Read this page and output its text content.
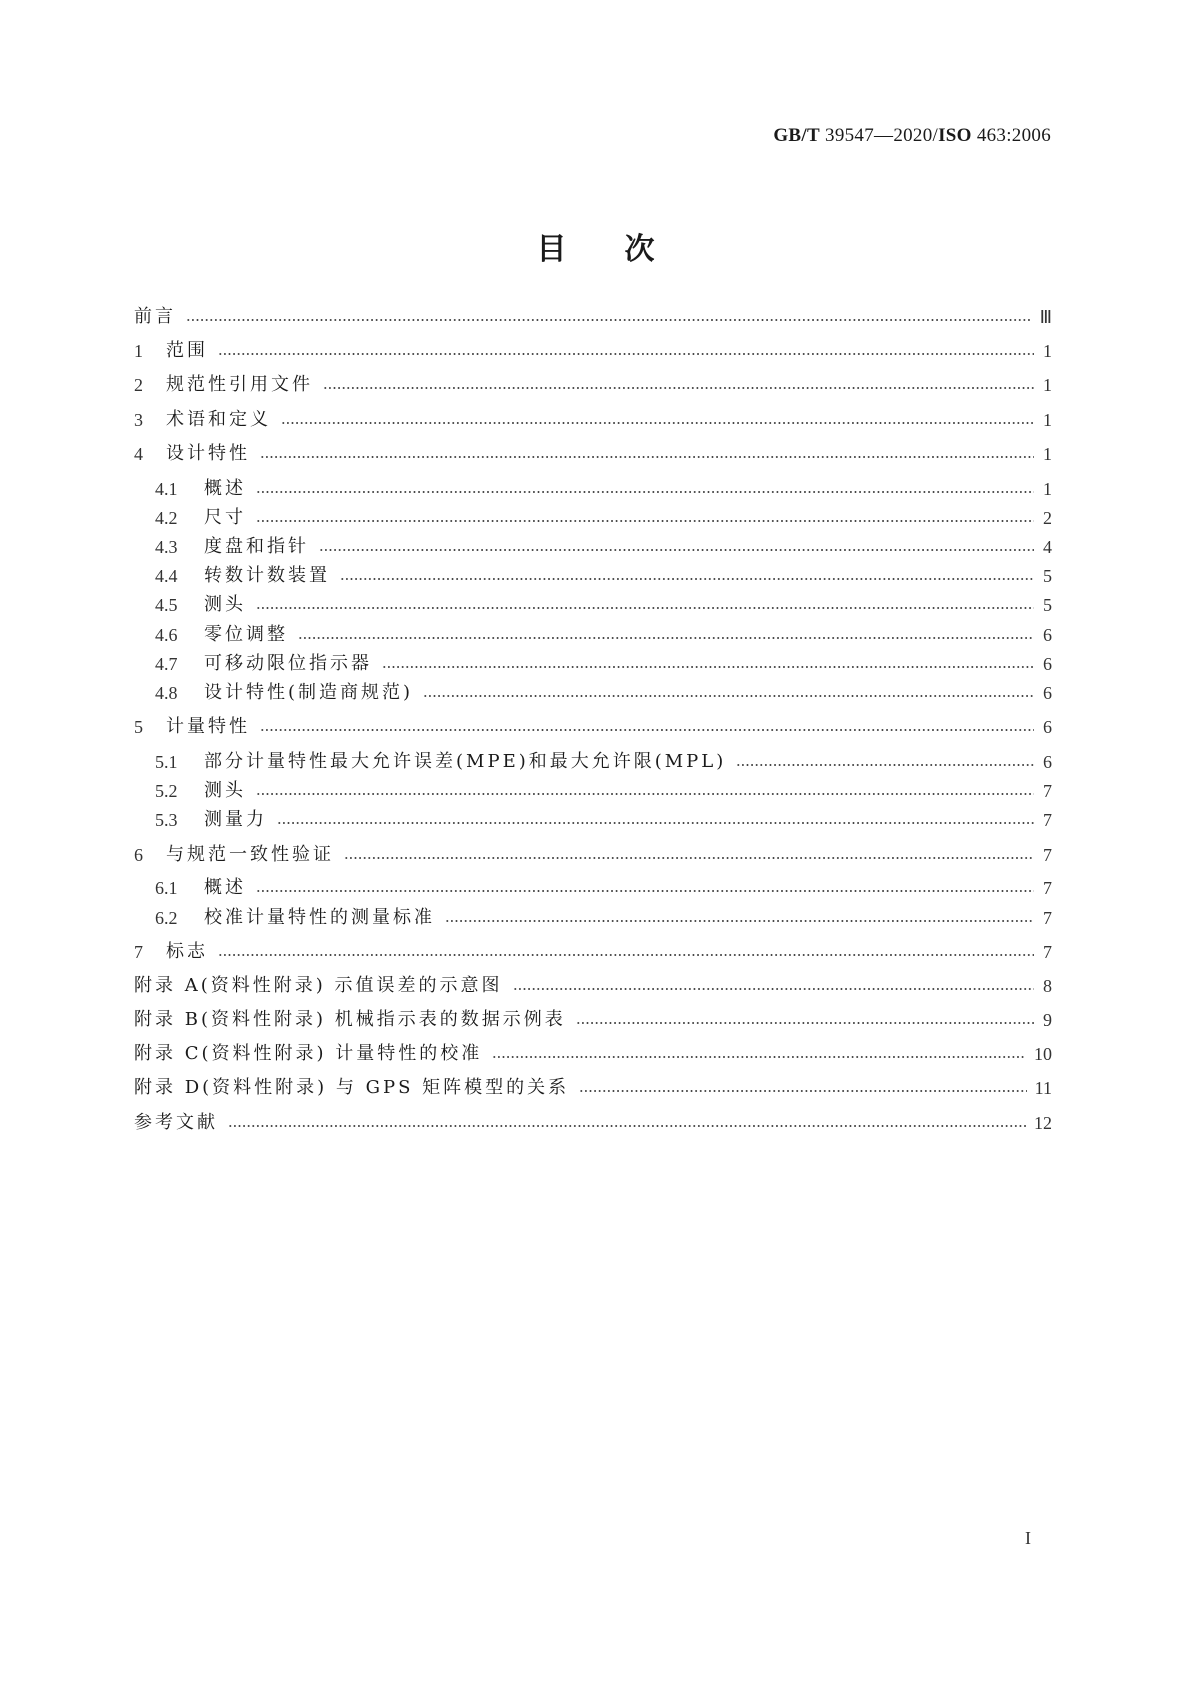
GB/T 39547—2020/ISO 463:2006
目 次
前言	Ⅲ
1	范围	1
2	规范性引用文件	1
3	术语和定义	1
4	设计特性	1
4.1	概述	1
4.2	尺寸	2
4.3	度盘和指针	4
4.4	转数计数装置	5
4.5	测头	5
4.6	零位调整	6
4.7	可移动限位指示器	6
4.8	设计特性(制造商规范)	6
5	计量特性	6
5.1	部分计量特性最大允许误差(MPE)和最大允许限(MPL)	6
5.2	测头	7
5.3	测量力	7
6	与规范一致性验证	7
6.1	概述	7
6.2	校准计量特性的测量标准	7
7	标志	7
附录 A(资料性附录) 示值误差的示意图	8
附录 B(资料性附录) 机械指示表的数据示例表	9
附录 C(资料性附录) 计量特性的校准	10
附录 D(资料性附录) 与 GPS 矩阵模型的关系	11
参考文献	12
I
